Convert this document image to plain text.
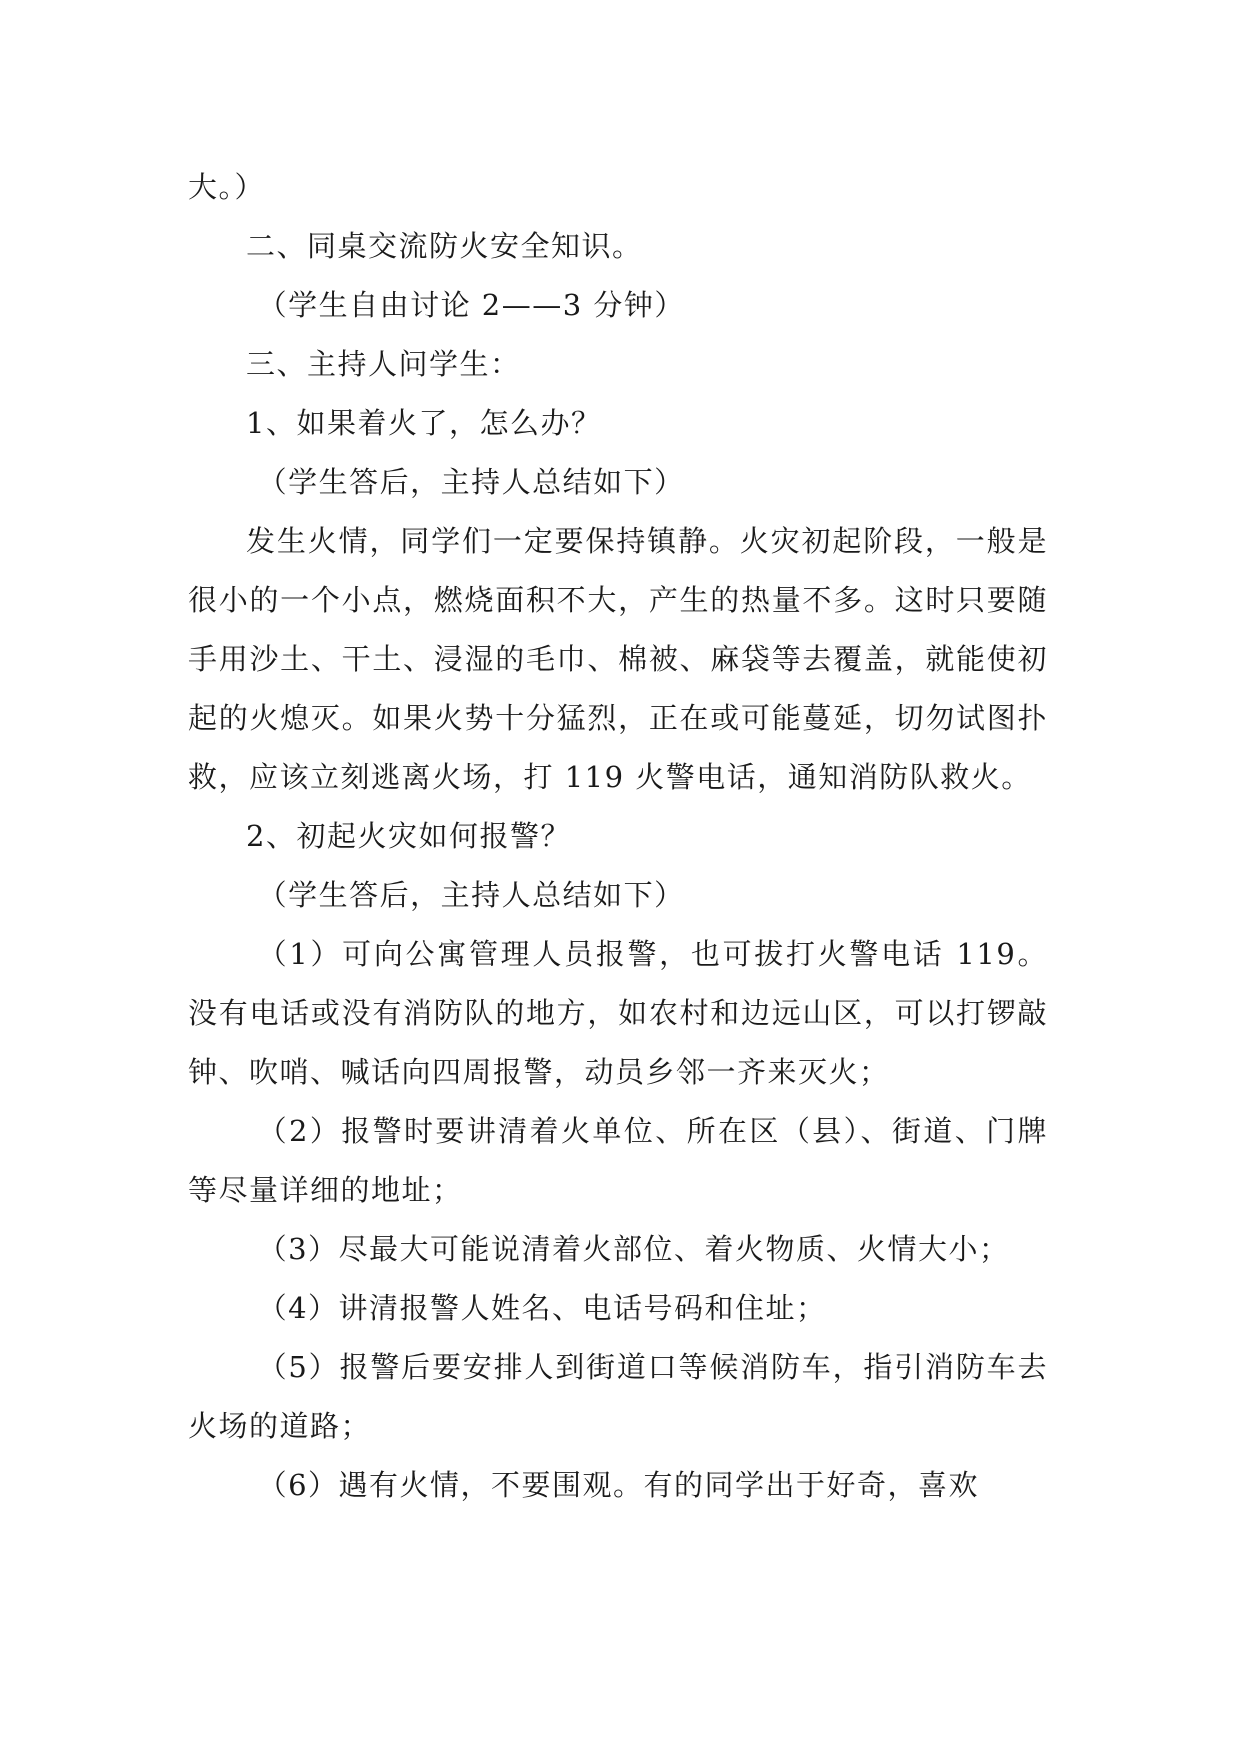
大。）

二、同桌交流防火安全知识。

（学生自由讨论 2——3 分钟）

三、主持人问学生：

1、如果着火了，怎么办？

（学生答后，主持人总结如下）

发生火情，同学们一定要保持镇静。火灾初起阶段，一般是很小的一个小点，燃烧面积不大，产生的热量不多。这时只要随手用沙土、干土、浸湿的毛巾、棉被、麻袋等去覆盖，就能使初起的火熄灭。如果火势十分猛烈，正在或可能蔓延，切勿试图扑救，应该立刻逃离火场，打 119 火警电话，通知消防队救火。

2、初起火灾如何报警？

（学生答后，主持人总结如下）

（1）可向公寓管理人员报警，也可拔打火警电话 119。没有电话或没有消防队的地方，如农村和边远山区，可以打锣敲钟、吹哨、喊话向四周报警，动员乡邻一齐来灭火；

（2）报警时要讲清着火单位、所在区（县）、街道、门牌等尽量详细的地址；

（3）尽最大可能说清着火部位、着火物质、火情大小；

（4）讲清报警人姓名、电话号码和住址；

（5）报警后要安排人到街道口等候消防车，指引消防车去火场的道路；

（6）遇有火情，不要围观。有的同学出于好奇，喜欢
